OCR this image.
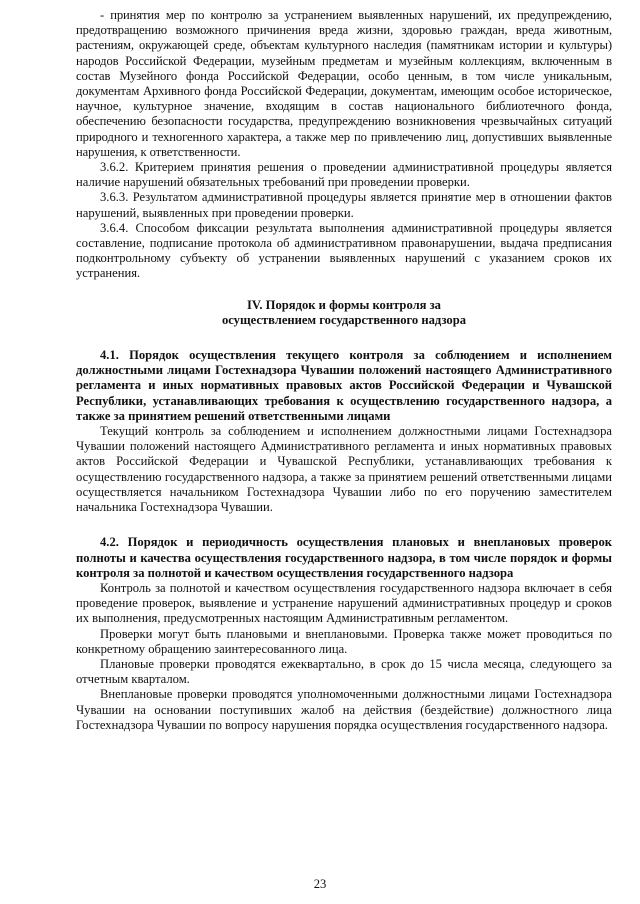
- принятия мер по контролю за устранением выявленных нарушений, их предупреждению, предотвращению возможного причинения вреда жизни, здоровью граждан, вреда животным, растениям, окружающей среде, объектам культурного наследия (памятникам истории и культуры) народов Российской Федерации, музейным предметам и музейным коллекциям, включенным в состав Музейного фонда Российской Федерации, особо ценным, в том числе уникальным, документам Архивного фонда Российской Федерации, документам, имеющим особое историческое, научное, культурное значение, входящим в состав национального библиотечного фонда, обеспечению безопасности государства, предупреждению возникновения чрезвычайных ситуаций природного и техногенного характера, а также мер по привлечению лиц, допустивших выявленные нарушения, к ответственности.

3.6.2. Критерием принятия решения о проведении административной процедуры является наличие нарушений обязательных требований при проведении проверки.

3.6.3. Результатом административной процедуры является принятие мер в отношении фактов нарушений, выявленных при проведении проверки.

3.6.4. Способом фиксации результата выполнения административной процедуры является составление, подписание протокола об административном правонарушении, выдача предписания подконтрольному субъекту об устранении выявленных нарушений с указанием сроков их устранения.

IV. Порядок и формы контроля за
осуществлением государственного надзора

4.1. Порядок осуществления текущего контроля за соблюдением и исполнением должностными лицами Гостехнадзора Чувашии положений настоящего Административного регламента и иных нормативных правовых актов Российской Федерации и Чувашской Республики, устанавливающих требования к осуществлению государственного надзора, а также за принятием решений ответственными лицами

Текущий контроль за соблюдением и исполнением должностными лицами Гостехнадзора Чувашии положений настоящего Административного регламента и иных нормативных правовых актов Российской Федерации и Чувашской Республики, устанавливающих требования к осуществлению государственного надзора, а также за принятием решений ответственными лицами осуществляется начальником Гостехнадзора Чувашии либо по его поручению заместителем начальника Гостехнадзора Чувашии.

4.2. Порядок и периодичность осуществления плановых и внеплановых проверок полноты и качества осуществления государственного надзора, в том числе порядок и формы контроля за полнотой и качеством осуществления государственного надзора

Контроль за полнотой и качеством осуществления государственного надзора включает в себя проведение проверок, выявление и устранение нарушений административных процедур и сроков их выполнения, предусмотренных настоящим Административным регламентом.

Проверки могут быть плановыми и внеплановыми. Проверка также может проводиться по конкретному обращению заинтересованного лица.

Плановые проверки проводятся ежеквартально, в срок до 15 числа месяца, следующего за отчетным кварталом.

Внеплановые проверки проводятся уполномоченными должностными лицами Гостехнадзора Чувашии на основании поступивших жалоб на действия (бездействие) должностного лица Гостехнадзора Чувашии по вопросу нарушения порядка осуществления государственного надзора.

23
